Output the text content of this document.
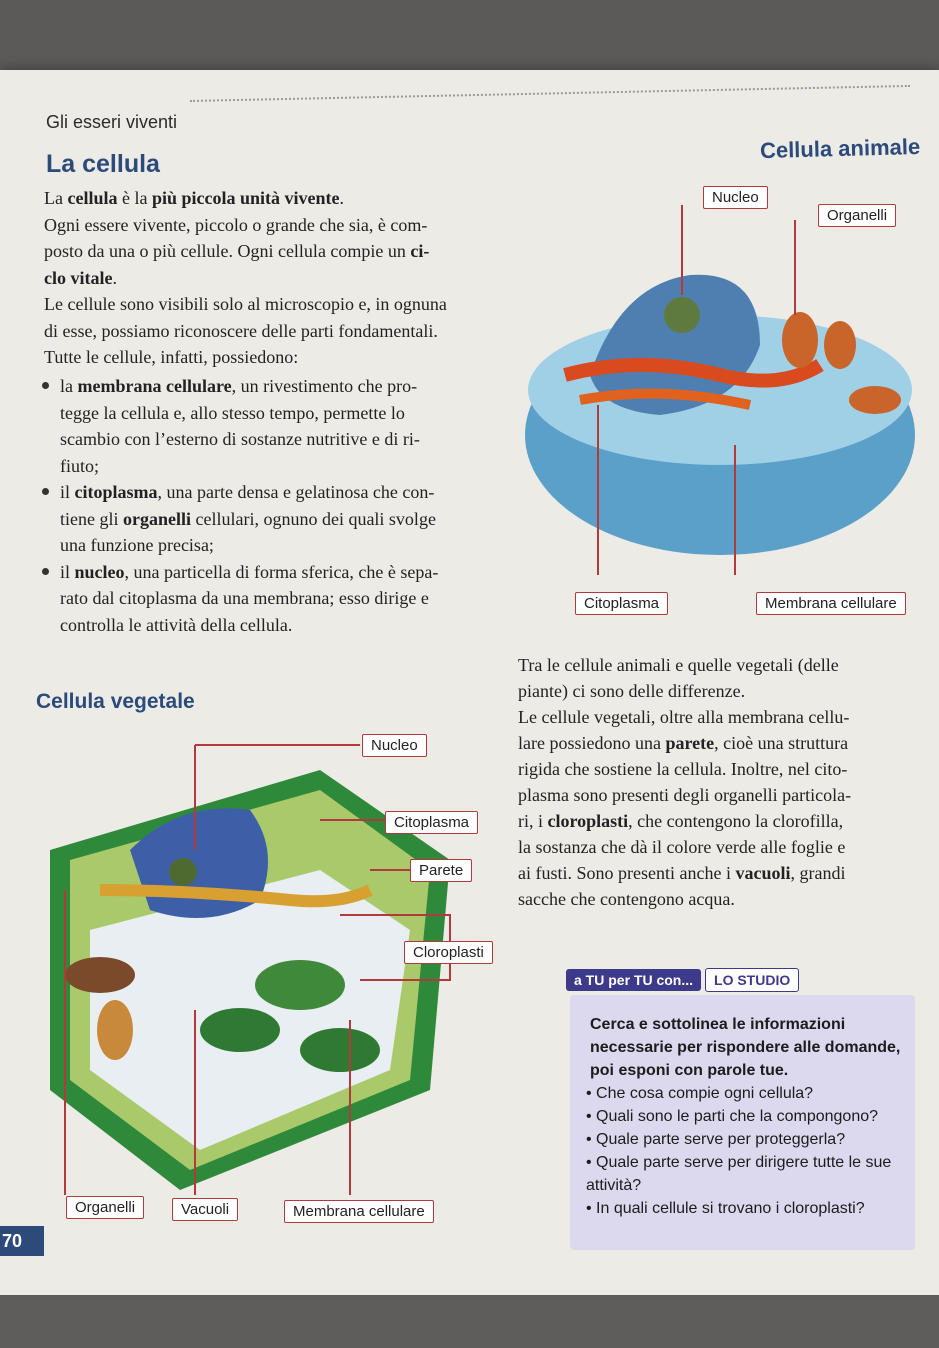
Gli esseri viventi
La cellula
Cellula animale
La cellula è la più piccola unità vivente.
Ogni essere vivente, piccolo o grande che sia, è com-
posto da una o più cellule. Ogni cellula compie un ci-
clo vitale.
Le cellule sono visibili solo al microscopio e, in ognuna
di esse, possiamo riconoscere delle parti fondamentali.
Tutte le cellule, infatti, possiedono:
la membrana cellulare, un rivestimento che pro-
tegge la cellula e, allo stesso tempo, permette lo
scambio con l’esterno di sostanze nutritive e di ri-
fiuto;
il citoplasma, una parte densa e gelatinosa che con-
tiene gli organelli cellulari, ognuno dei quali svolge
una funzione precisa;
il nucleo, una particella di forma sferica, che è sepa-
rato dal citoplasma da una membrana; esso dirige e
controlla le attività della cellula.
Nucleo
Organelli
Citoplasma	Membrana cellulare
Tra le cellule animali e quelle vegetali (delle
piante) ci sono delle differenze.
Le cellule vegetali, oltre alla membrana cellu-
lare possiedono una parete, cioè una struttura
rigida che sostiene la cellula. Inoltre, nel cito-
plasma sono presenti degli organelli particola-
ri, i cloroplasti, che contengono la clorofilla,
la sostanza che dà il colore verde alle foglie e
ai fusti. Sono presenti anche i vacuoli, grandi
sacche che contengono acqua.
Cellula vegetale
Nucleo
Citoplasma
Parete
Cloroplasti
Organelli	Vacuoli	Membrana cellulare
a TU per TU con... LO STUDIO
Cerca e sottolinea le informazioni necessarie per rispondere alle domande, poi esponi con parole tue.
• Che cosa compie ogni cellula?
• Quali sono le parti che la compongono?
• Quale parte serve per proteggerla?
• Quale parte serve per dirigere tutte le sue attività?
• In quali cellule si trovano i cloroplasti?
70
